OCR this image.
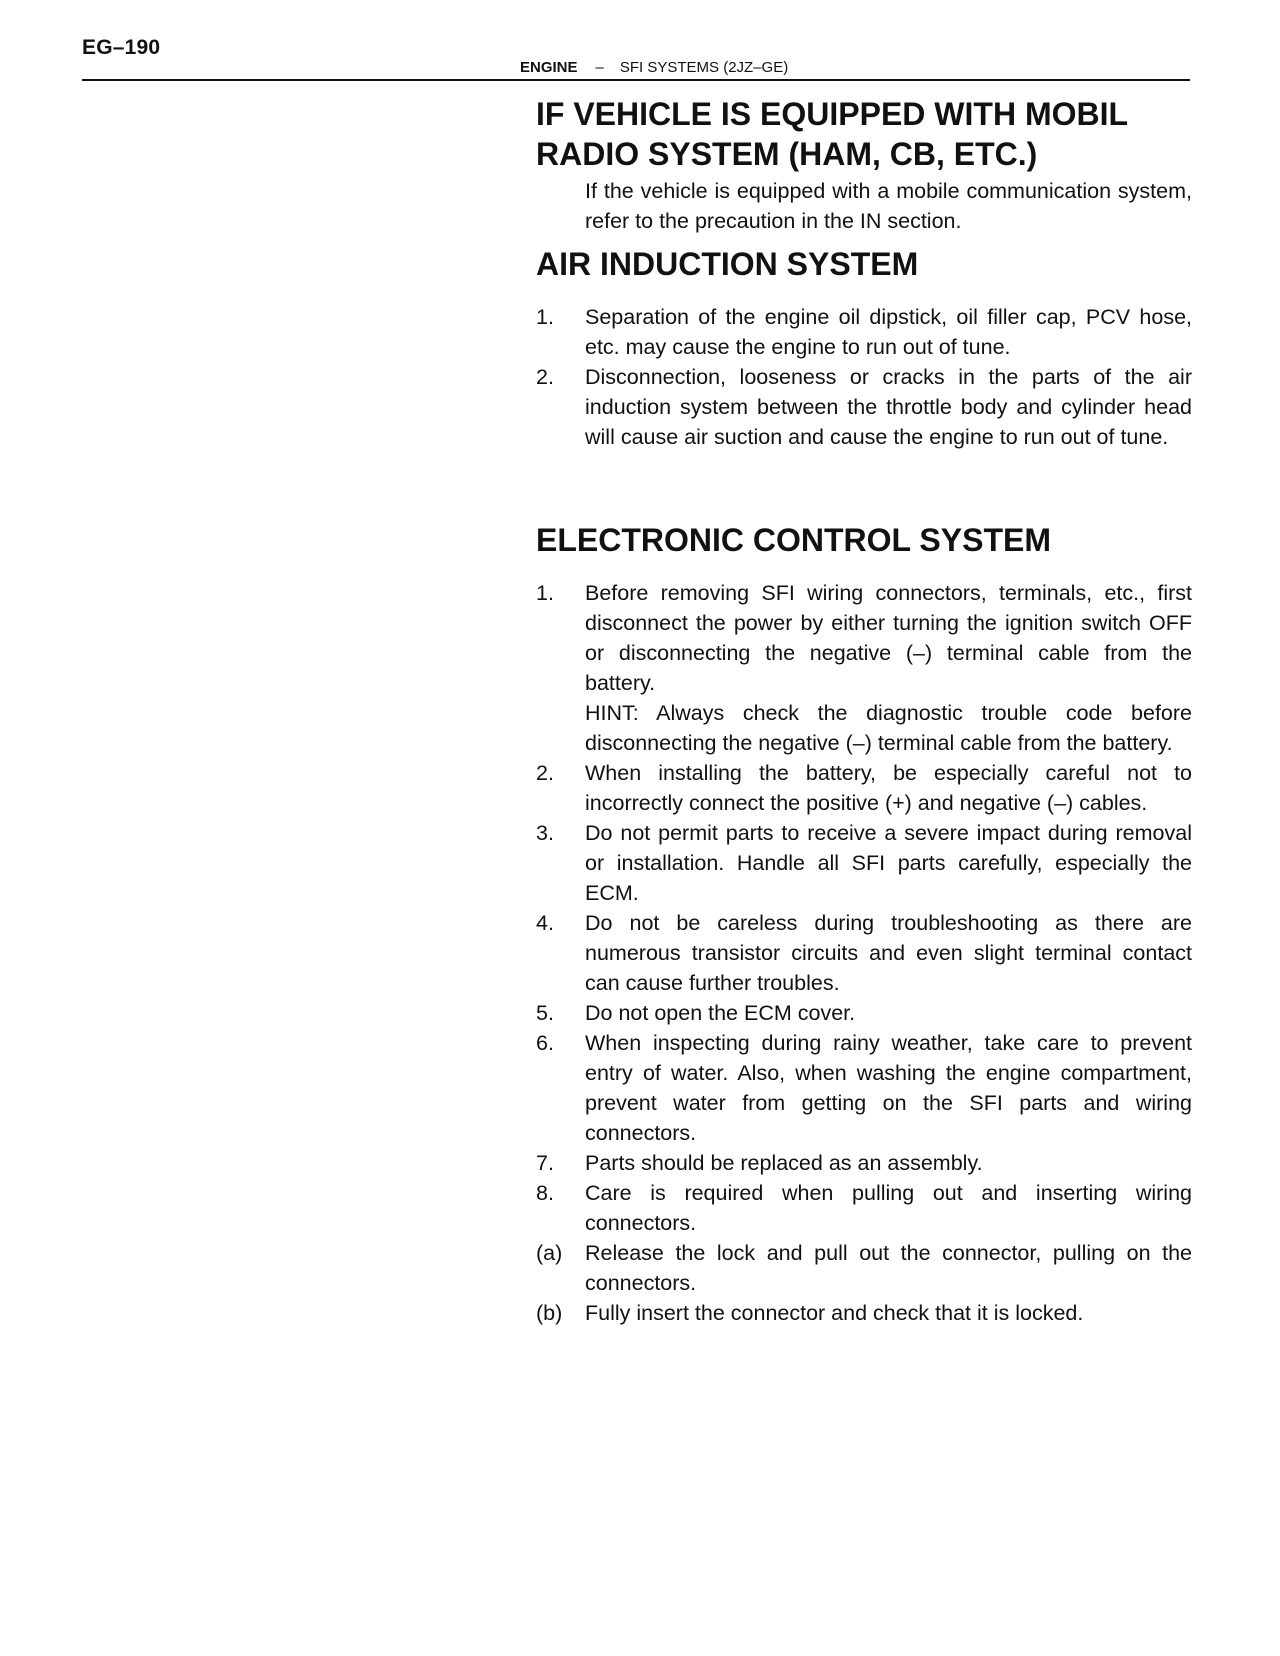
EG–190
ENGINE – SFI SYSTEMS (2JZ–GE)
IF VEHICLE IS EQUIPPED WITH MOBIL
RADIO SYSTEM (HAM, CB, ETC.)

If the vehicle is equipped with a mobile communication system, refer to the precaution in the IN section.

AIR INDUCTION SYSTEM
1.	Separation of the engine oil dipstick, oil filler cap, PCV hose, etc. may cause the engine to run out of tune.
2.	Disconnection, looseness or cracks in the parts of the air induction system between the throttle body and cylinder head will cause air suction and cause the engine to run out of tune.
ELECTRONIC CONTROL SYSTEM
1.	Before removing SFI wiring connectors, terminals, etc., first disconnect the power by either turning the ignition switch OFF or disconnecting the negative (–) terminal cable from the battery.
HINT: Always check the diagnostic trouble code before disconnecting the negative (–) terminal cable from the battery.
2.	When installing the battery, be especially careful not to incorrectly connect the positive (+) and negative (–) cables.
3.	Do not permit parts to receive a severe impact during removal or installation. Handle all SFI parts carefully, especially the ECM.
4.	Do not be careless during troubleshooting as there are numerous transistor circuits and even slight terminal contact can cause further troubles.
5.	Do not open the ECM cover.
6.	When inspecting during rainy weather, take care to prevent entry of water. Also, when washing the engine compartment, prevent water from getting on the SFI parts and wiring connectors.
7.	Parts should be replaced as an assembly.
8.	Care is required when pulling out and inserting wiring connectors.
(a)	Release the lock and pull out the connector, pulling on the connectors.
(b)	Fully insert the connector and check that it is locked.
